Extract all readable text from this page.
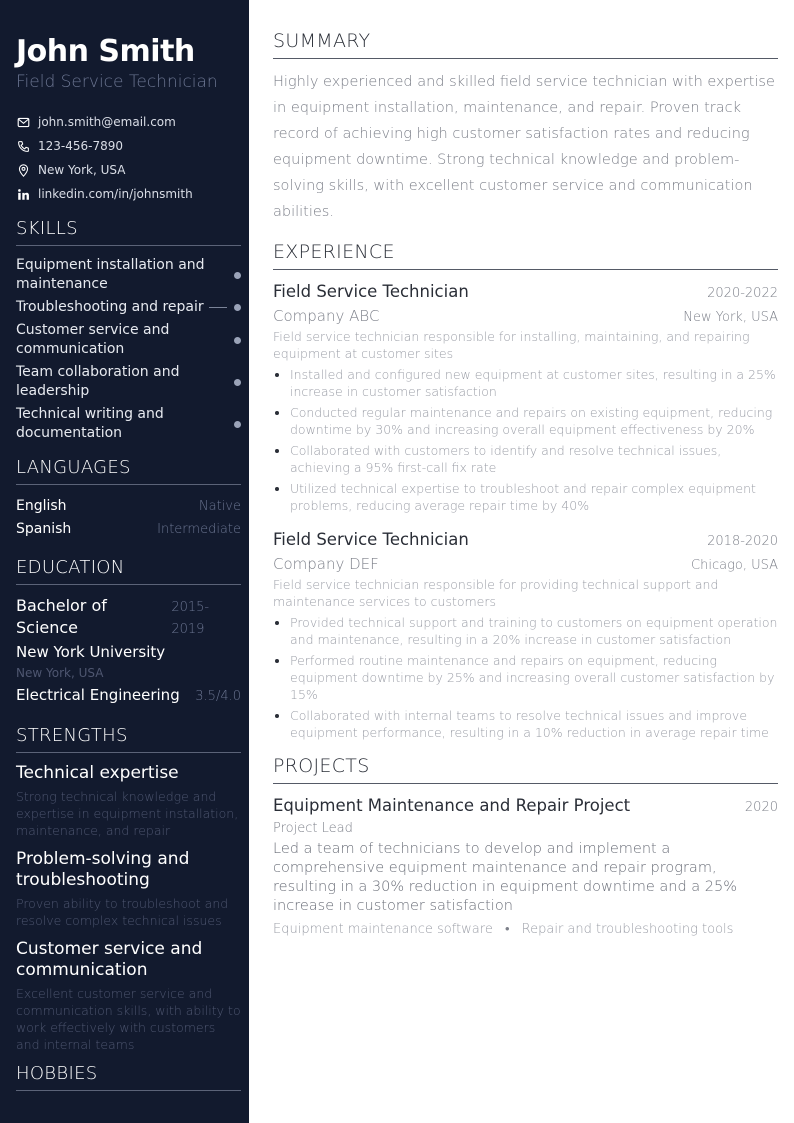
John Smith
Field Service Technician
john.smith@email.com
123-456-7890
New York, USA
linkedin.com/in/johnsmith
SKILLS
Equipment installation and maintenance
Troubleshooting and repair
Customer service and communication
Team collaboration and leadership
Technical writing and documentation
LANGUAGES
English	Native
Spanish	Intermediate
EDUCATION
Bachelor of Science
2015-2019
New York University
New York, USA
Electrical Engineering 3.5/4.0
STRENGTHS
Technical expertise
Strong technical knowledge and expertise in equipment installation, maintenance, and repair
Problem-solving and troubleshooting
Proven ability to troubleshoot and resolve complex technical issues
Customer service and communication
Excellent customer service and communication skills, with ability to work effectively with customers and internal teams
HOBBIES
SUMMARY

Highly experienced and skilled field service technician with expertise in equipment installation, maintenance, and repair. Proven track record of achieving high customer satisfaction rates and reducing equipment downtime. Strong technical knowledge and problem-solving skills, with excellent customer service and communication abilities.

EXPERIENCE
Field Service Technician	2020-2022
Company ABC	New York, USA
Field service technician responsible for installing, maintaining, and repairing equipment at customer sites
Installed and configured new equipment at customer sites, resulting in a 25% increase in customer satisfaction
Conducted regular maintenance and repairs on existing equipment, reducing downtime by 30% and increasing overall equipment effectiveness by 20%
Collaborated with customers to identify and resolve technical issues, achieving a 95% first-call fix rate
Utilized technical expertise to troubleshoot and repair complex equipment problems, reducing average repair time by 40%
Field Service Technician	2018-2020
Company DEF	Chicago, USA
Field service technician responsible for providing technical support and maintenance services to customers
Provided technical support and training to customers on equipment operation and maintenance, resulting in a 20% increase in customer satisfaction
Performed routine maintenance and repairs on equipment, reducing equipment downtime by 25% and increasing overall customer satisfaction by 15%
Collaborated with internal teams to resolve technical issues and improve equipment performance, resulting in a 10% reduction in average repair time
PROJECTS
Equipment Maintenance and Repair Project	2020
Project Lead
Led a team of technicians to develop and implement a comprehensive equipment maintenance and repair program, resulting in a 30% reduction in equipment downtime and a 25% increase in customer satisfaction
Equipment maintenance software • Repair and troubleshooting tools
